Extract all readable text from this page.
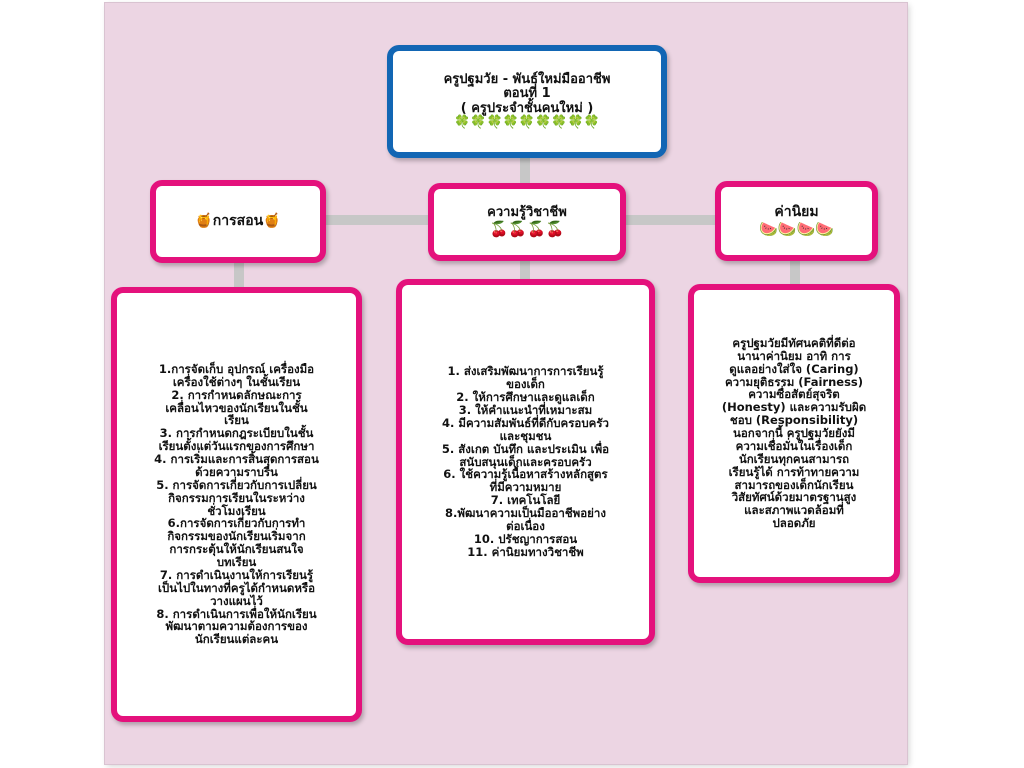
ครูปฐมวัย - พันธ์ใหม่มืออาชีพ
ตอนที่ 1
( ครูประจำชั้นคนใหม่ )
🍀🍀🍀🍀🍀🍀🍀🍀🍀
🍯การสอน🍯	ความรู้วิชาชีพ
🍒🍒🍒🍒
ค่านิยม
🍉🍉🍉🍉
1.การจัดเก็บ อุปกรณ์ เครื่องมือ
เครื่องใช้ต่างๆ ในชั้นเรียน
2. การกำหนดลักษณะการ
เคลื่อนไหวของนักเรียนในชั้น
เรียน
3. การกำหนดกฎระเบียบในชั้น
เรียนตั้งแต่วันแรกของการศึกษา
4. การเริ่มและการสิ้นสุดการสอน
ด้วยความราบรื่น
5. การจัดการเกี่ยวกับการเปลี่ยน
กิจกรรมการเรียนในระหว่าง
ชั่วโมงเรียน
6.การจัดการเกี่ยวกับการทำ
กิจกรรมของนักเรียนเริ่มจาก
การกระตุ้นให้นักเรียนสนใจ
บทเรียน
7. การดำเนินงานให้การเรียนรู้
เป็นไปในทางที่ครูได้กำหนดหรือ
วางแผนไว้
8. การดำเนินการเพื่อให้นักเรียน
พัฒนาตามความต้องการของ
นักเรียนแต่ละคน
1. ส่งเสริมพัฒนาการการเรียนรู้
ของเด็ก
2. ให้การศึกษาและดูแลเด็ก
3. ให้คำแนะนำที่เหมาะสม
4. มีความสัมพันธ์ที่ดีกับครอบครัว
และชุมชน
5. สังเกต บันทึก และประเมิน เพื่อ
สนับสนุนเด็กและครอบครัว
6. ใช้ความรู้เนื้อหาสร้างหลักสูตร
ที่มีความหมาย
7. เทคโนโลยี
8.พัฒนาความเป็นมืออาชีพอย่าง
ต่อเนื่อง
10. ปรัชญาการสอน
11. ค่านิยมทางวิชาชีพ
ครูปฐมวัยมีทัศนคติที่ดีต่อ
นานาค่านิยม อาทิ การ
ดูแลอย่างใส่ใจ (Caring)
ความยุติธรรม (Fairness)
ความซื่อสัตย์สุจริต
(Honesty) และความรับผิด
ชอบ (Responsibility)
นอกจากนี้ ครูปฐมวัยยังมี
ความเชื่อมั่นในเรื่องเด็ก
นักเรียนทุกคนสามารถ
เรียนรู้ได้ การท้าทายความ
สามารถของเด็กนักเรียน
วิสัยทัศน์ด้วยมาตรฐานสูง
และสภาพแวดล้อมที่
ปลอดภัย
